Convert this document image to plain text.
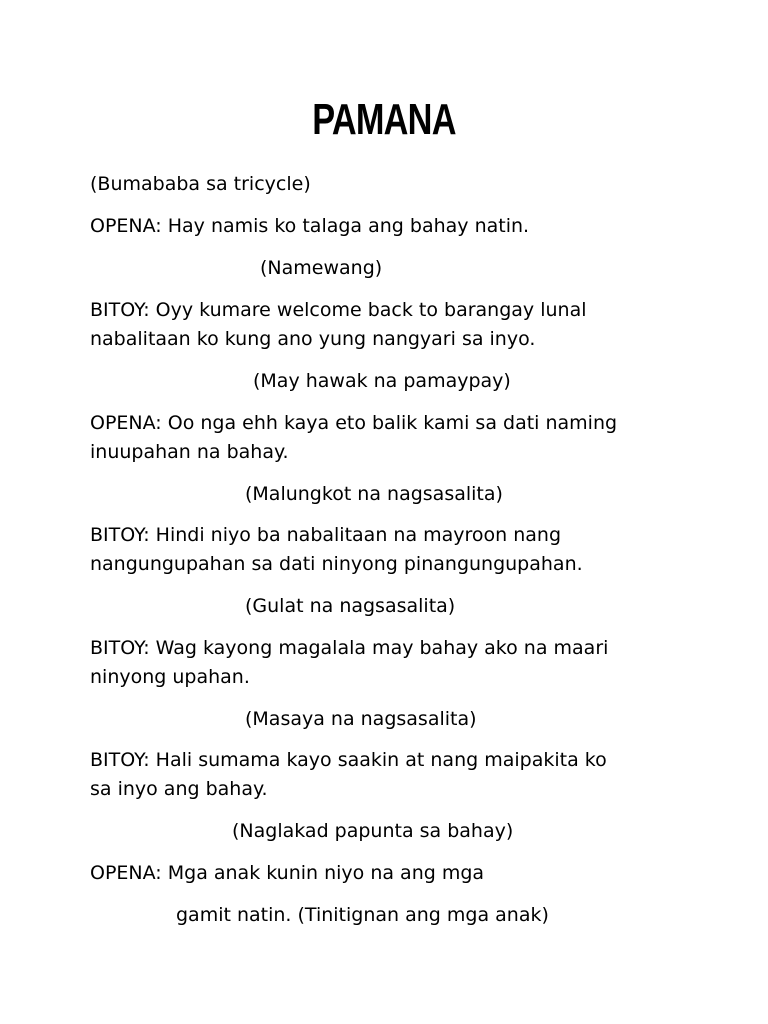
PAMANA
(Bumababa sa tricycle)
OPENA: Hay namis ko talaga ang bahay natin.
(Namewang)
BITOY: Oyy kumare welcome back to barangay lunal
nabalitaan ko kung ano yung nangyari sa inyo.
(May hawak na pamaypay)
OPENA: Oo nga ehh kaya eto balik kami sa dati naming
inuupahan na bahay.
(Malungkot na nagsasalita)
BITOY: Hindi niyo ba nabalitaan na mayroon nang
nangungupahan sa dati ninyong pinangungupahan.
(Gulat na nagsasalita)
BITOY: Wag kayong magalala may bahay ako na maari
ninyong upahan.
(Masaya na nagsasalita)
BITOY: Hali sumama kayo saakin at nang maipakita ko
sa inyo ang bahay.
(Naglakad papunta sa bahay)
OPENA: Mga anak kunin niyo na ang mga
gamit natin. (Tinitignan ang mga anak)
